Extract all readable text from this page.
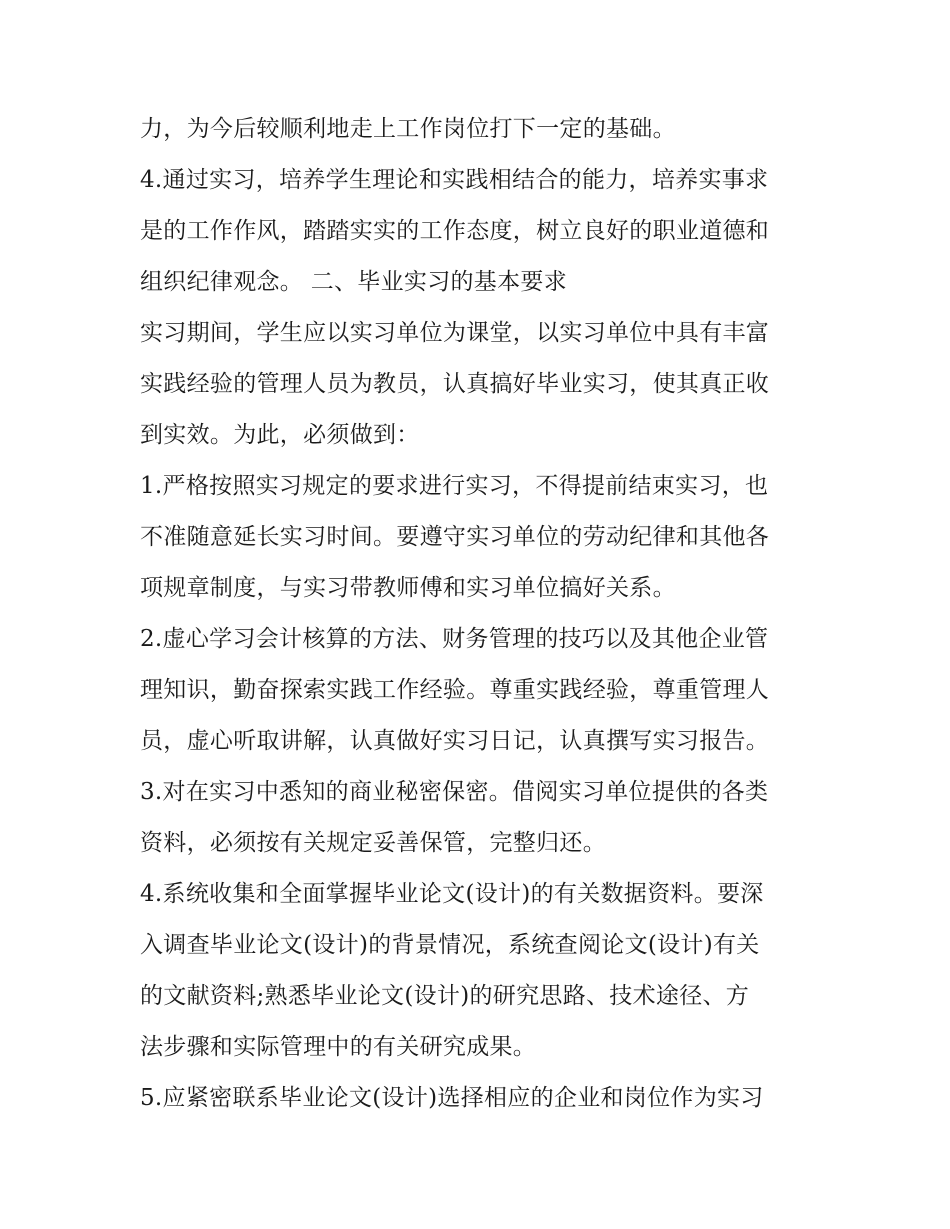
力，为今后较顺利地走上工作岗位打下一定的基础。
4.通过实习，培养学生理论和实践相结合的能力，培养实事求
是的工作作风，踏踏实实的工作态度，树立良好的职业道德和
组织纪律观念。 二、毕业实习的基本要求
实习期间，学生应以实习单位为课堂，以实习单位中具有丰富
实践经验的管理人员为教员，认真搞好毕业实习，使其真正收
到实效。为此，必须做到：
1.严格按照实习规定的要求进行实习，不得提前结束实习，也
不准随意延长实习时间。要遵守实习单位的劳动纪律和其他各
项规章制度，与实习带教师傅和实习单位搞好关系。
2.虚心学习会计核算的方法、财务管理的技巧以及其他企业管
理知识，勤奋探索实践工作经验。尊重实践经验，尊重管理人
员，虚心听取讲解，认真做好实习日记，认真撰写实习报告。
3.对在实习中悉知的商业秘密保密。借阅实习单位提供的各类
资料，必须按有关规定妥善保管，完整归还。
4.系统收集和全面掌握毕业论文(设计)的有关数据资料。要深
入调查毕业论文(设计)的背景情况，系统查阅论文(设计)有关
的文献资料;熟悉毕业论文(设计)的研究思路、技术途径、方
法步骤和实际管理中的有关研究成果。
5.应紧密联系毕业论文(设计)选择相应的企业和岗位作为实习
